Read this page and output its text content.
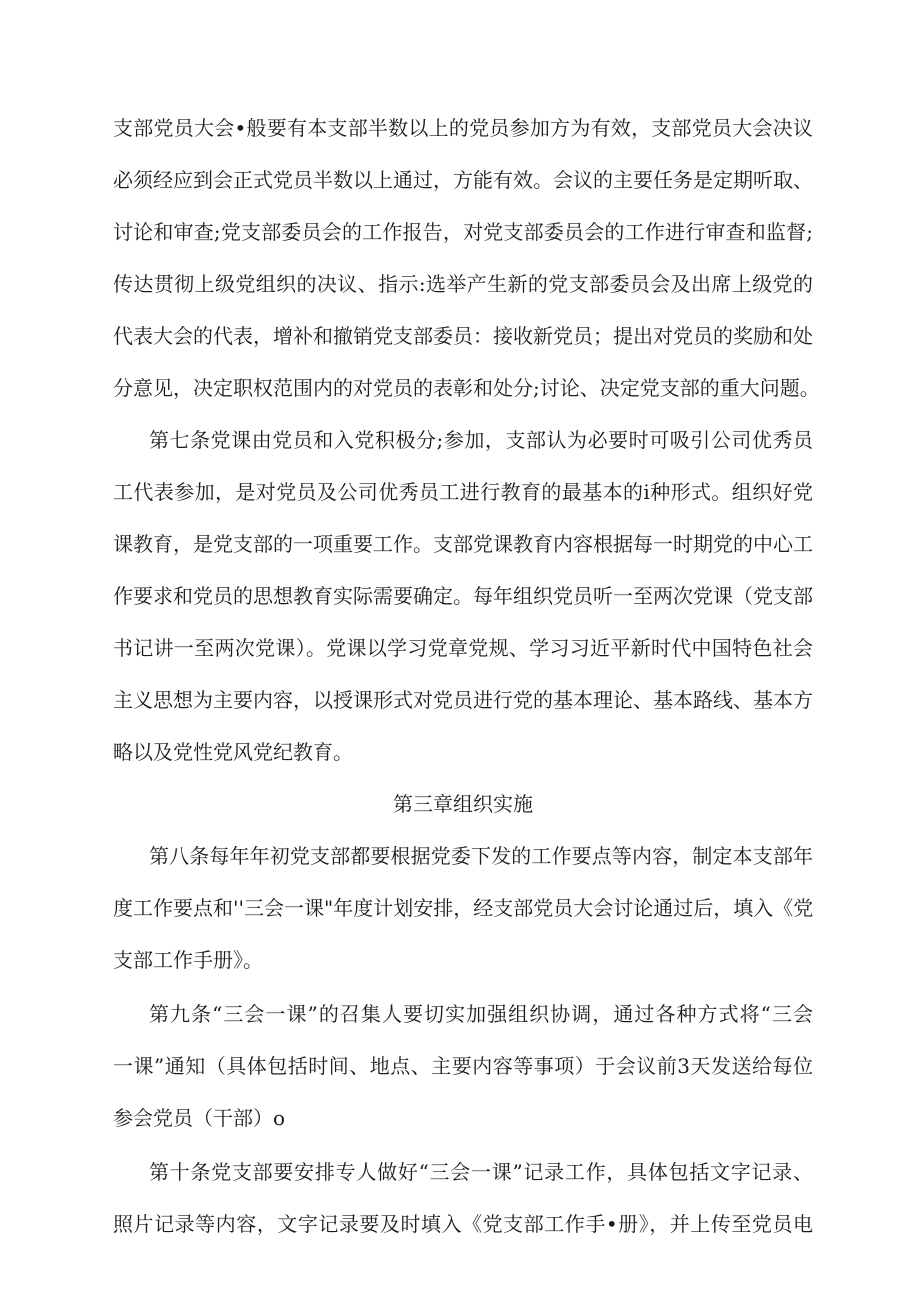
支部党员大会•般要有本支部半数以上的党员参加方为有效，支部党员大会决议
必须经应到会正式党员半数以上通过，方能有效。会议的主要任务是定期听取、
讨论和审查;党支部委员会的工作报告，对党支部委员会的工作进行审查和监督;
传达贯彻上级党组织的决议、指示:选举产生新的党支部委员会及出席上级党的
代表大会的代表，增补和撤销党支部委员：接收新党员；提出对党员的奖励和处
分意见，决定职权范围内的对党员的表彰和处分;讨论、决定党支部的重大问题。
第七条党课由党员和入党积极分;参加，支部认为必要时可吸引公司优秀员
工代表参加，是对党员及公司优秀员工进行教育的最基本的i种形式。组织好党
课教育，是党支部的一项重要工作。支部党课教育内容根据每一时期党的中心工
作要求和党员的思想教育实际需要确定。每年组织党员听一至两次党课（党支部
书记讲一至两次党课）。党课以学习党章党规、学习习近平新时代中国特色社会
主义思想为主要内容，以授课形式对党员进行党的基本理论、基本路线、基本方
略以及党性党风党纪教育。
第三章组织实施
第八条每年年初党支部都要根据党委下发的工作要点等内容，制定本支部年
度工作要点和''三会一课"年度计划安排，经支部党员大会讨论通过后，填入《党
支部工作手册》。
第九条“三会一课”的召集人要切实加强组织协调，通过各种方式将“三会
一课”通知（具体包括时间、地点、主要内容等事项）于会议前3天发送给每位
参会党员（干部）o
第十条党支部要安排专人做好“三会一课”记录工作，具体包括文字记录、
照片记录等内容，文字记录要及时填入《党支部工作手•册》，并上传至党员电
